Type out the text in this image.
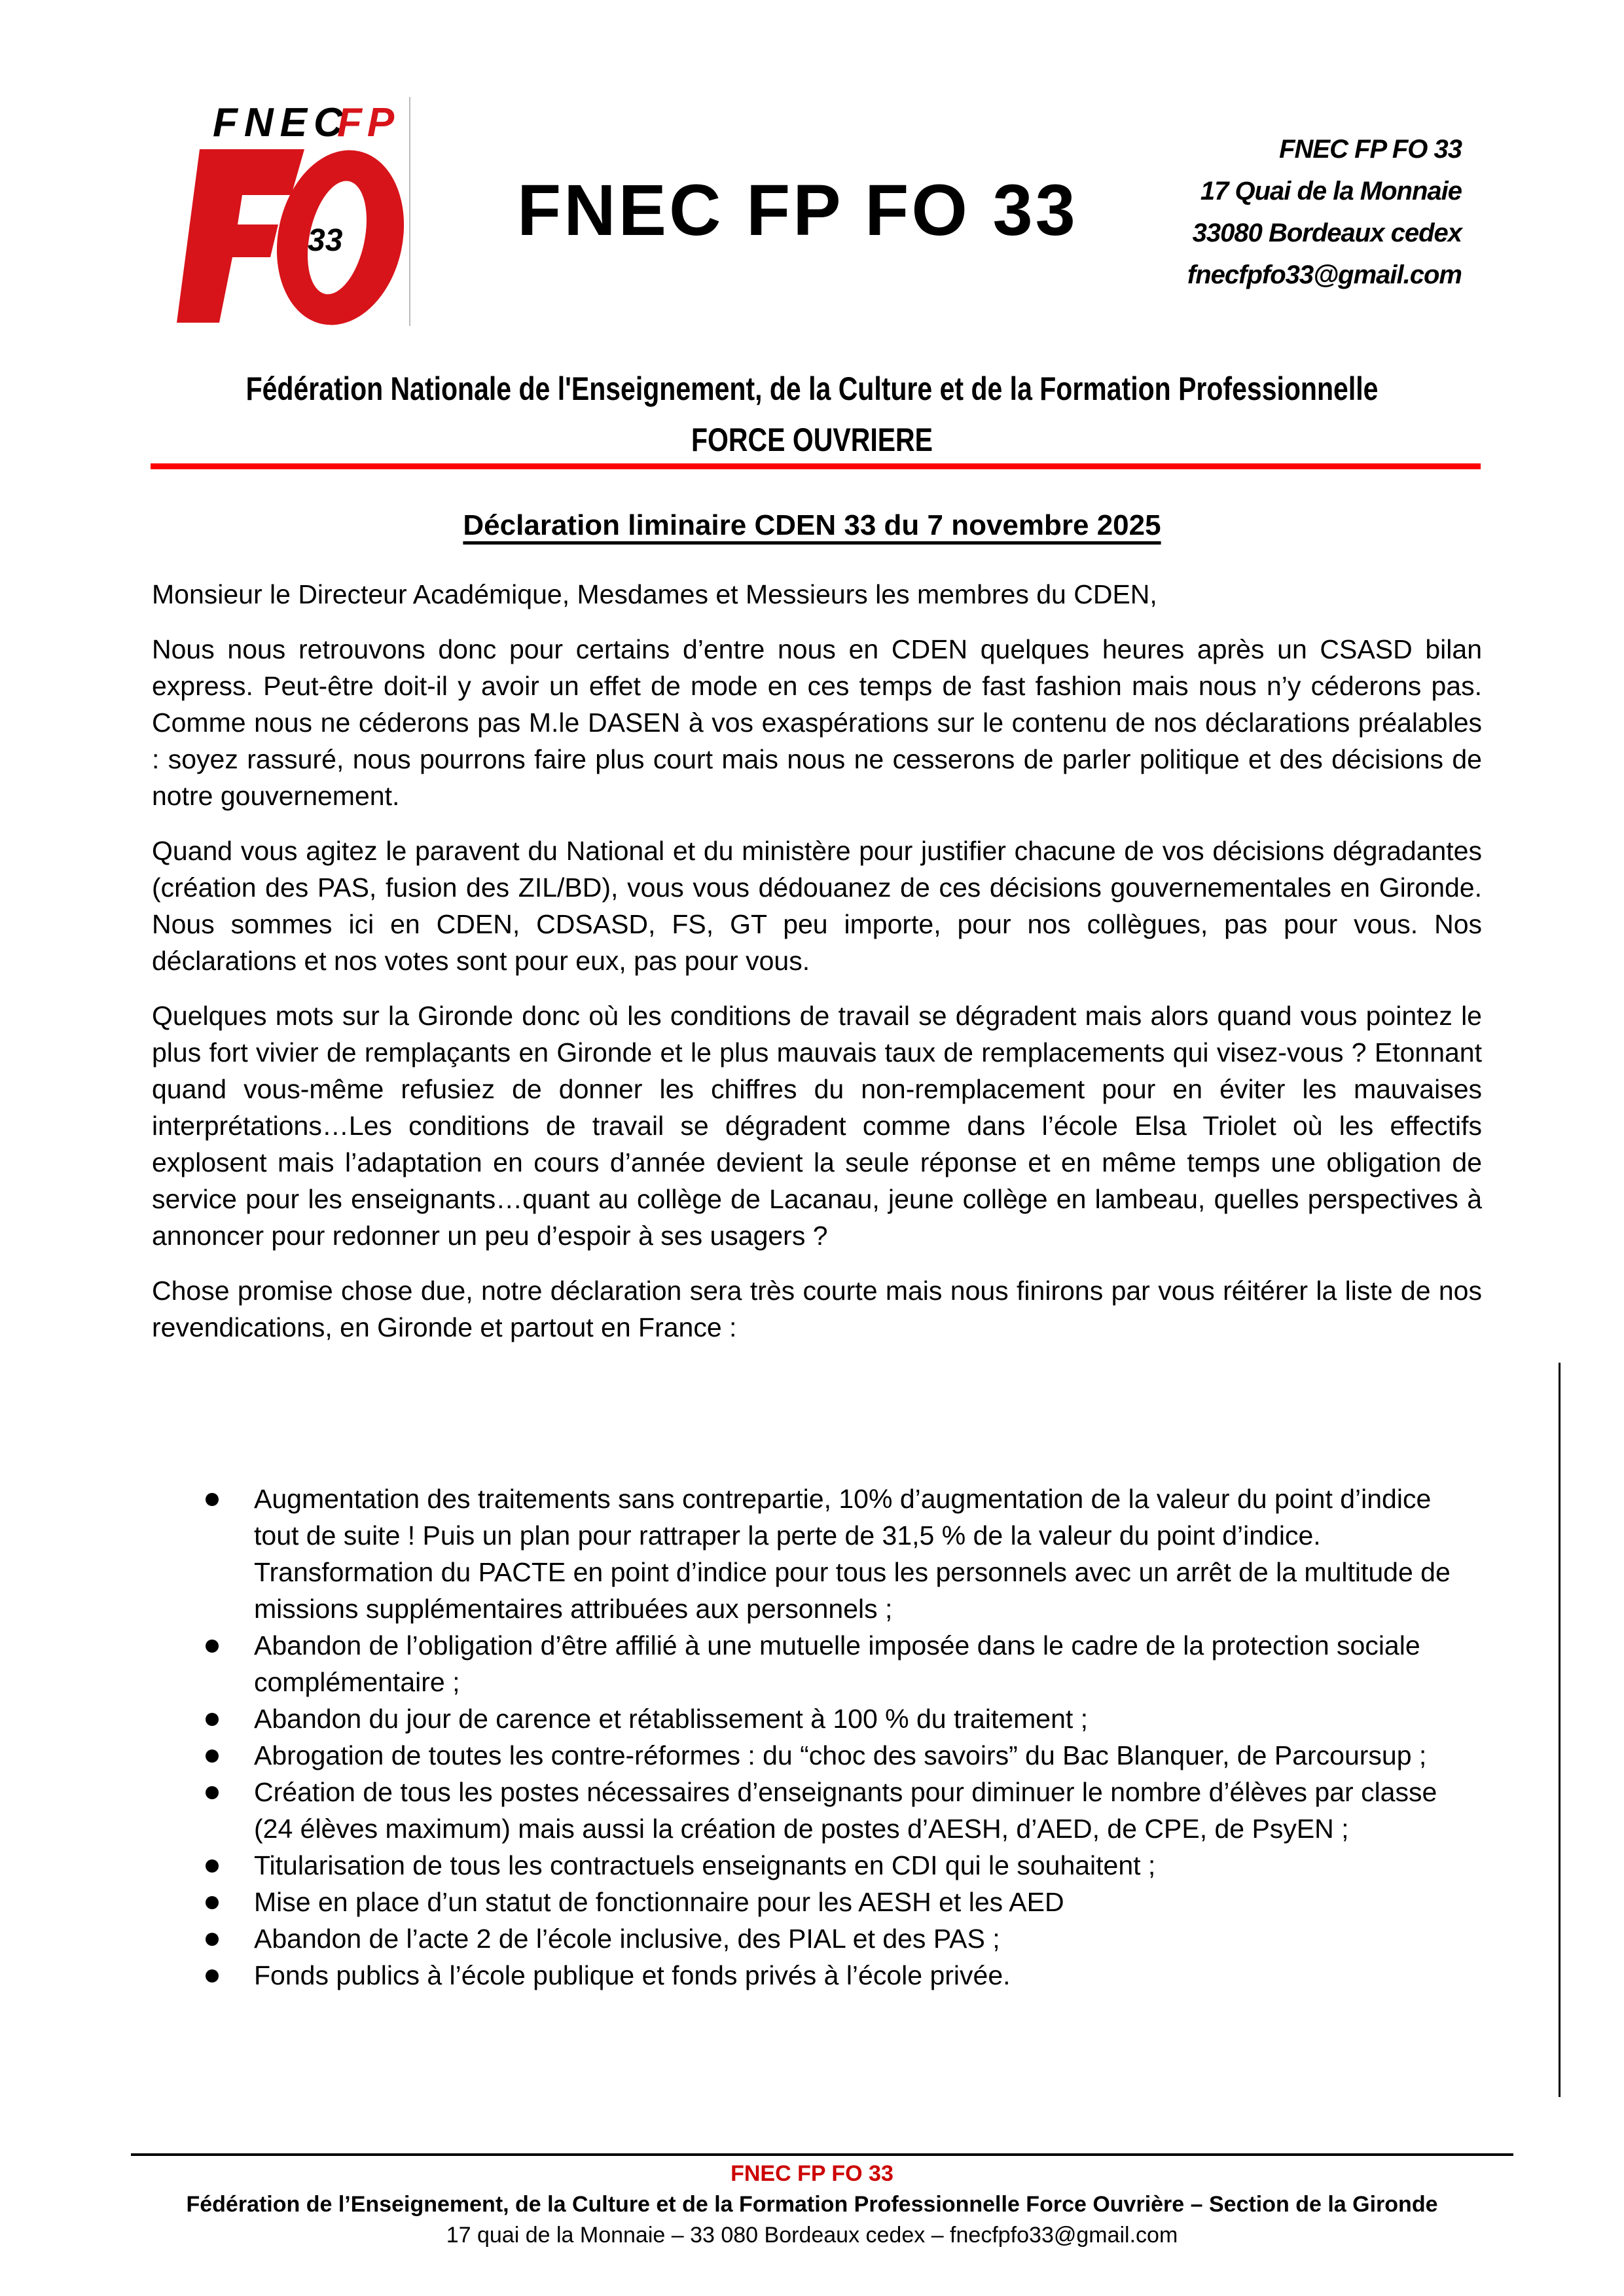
FNEC
FP
33 FNEC FP FO 33
FNEC FP FO 33
17 Quai de la Monnaie
33080 Bordeaux cedex
fnecfpfo33@gmail.com
Fédération Nationale de l'Enseignement, de la Culture et de la Formation Professionnelle
FORCE OUVRIERE
Déclaration liminaire CDEN 33 du 7 novembre 2025

Monsieur le Directeur Académique, Mesdames et Messieurs les membres du CDEN,

Nous nous retrouvons donc pour certains d’entre nous en CDEN quelques heures après un CSASD bilan express. Peut-être doit-il y avoir un effet de mode en ces temps de fast fashion mais nous n’y céderons pas. Comme nous ne céderons pas M.le DASEN à vos exaspérations sur le contenu de nos déclarations préalables : soyez rassuré, nous pourrons faire plus court mais nous ne cesserons de parler politique et des décisions de notre gouvernement.

Quand vous agitez le paravent du National et du ministère pour justifier chacune de vos décisions dégradantes (création des PAS, fusion des ZIL/BD), vous vous dédouanez de ces décisions gouvernementales en Gironde. Nous sommes ici en CDEN, CDSASD, FS, GT peu importe, pour nos collègues, pas pour vous. Nos déclarations et nos votes sont pour eux, pas pour vous.

Quelques mots sur la Gironde donc où les conditions de travail se dégradent mais alors quand vous pointez le plus fort vivier de remplaçants en Gironde et le plus mauvais taux de remplacements qui visez-vous ? Etonnant quand vous-même refusiez de donner les chiffres du non-remplacement pour en éviter les mauvaises interprétations…Les conditions de travail se dégradent comme dans l’école Elsa Triolet où les effectifs explosent mais l’adaptation en cours d’année devient la seule réponse et en même temps une obligation de service pour les enseignants…quant au collège de Lacanau, jeune collège en lambeau, quelles perspectives à annoncer pour redonner un peu d’espoir à ses usagers ?

Chose promise chose due, notre déclaration sera très courte mais nous finirons par vous réitérer la liste de nos revendications, en Gironde et partout en France :

Augmentation des traitements sans contrepartie, 10% d’augmentation de la valeur du point d’indice tout de suite ! Puis un plan pour rattraper la perte de 31,5 % de la valeur du point d’indice. Transformation du PACTE en point d’indice pour tous les personnels avec un arrêt de la multitude de missions supplémentaires attribuées aux personnels ;
Abandon de l’obligation d’être affilié à une mutuelle imposée dans le cadre de la protection sociale complémentaire ;
Abandon du jour de carence et rétablissement à 100 % du traitement ;
Abrogation de toutes les contre-réformes : du “choc des savoirs” du Bac Blanquer, de Parcoursup ;
Création de tous les postes nécessaires d’enseignants pour diminuer le nombre d’élèves par classe (24 élèves maximum) mais aussi la création de postes d’AESH, d’AED, de CPE, de PsyEN ;
Titularisation de tous les contractuels enseignants en CDI qui le souhaitent ;
Mise en place d’un statut de fonctionnaire pour les AESH et les AED
Abandon de l’acte 2 de l’école inclusive, des PIAL et des PAS ;
Fonds publics à l’école publique et fonds privés à l’école privée.
FNEC FP FO 33
Fédération de l’Enseignement, de la Culture et de la Formation Professionnelle Force Ouvrière – Section de la Gironde
17 quai de la Monnaie – 33 080 Bordeaux cedex – fnecfpfo33@gmail.com
